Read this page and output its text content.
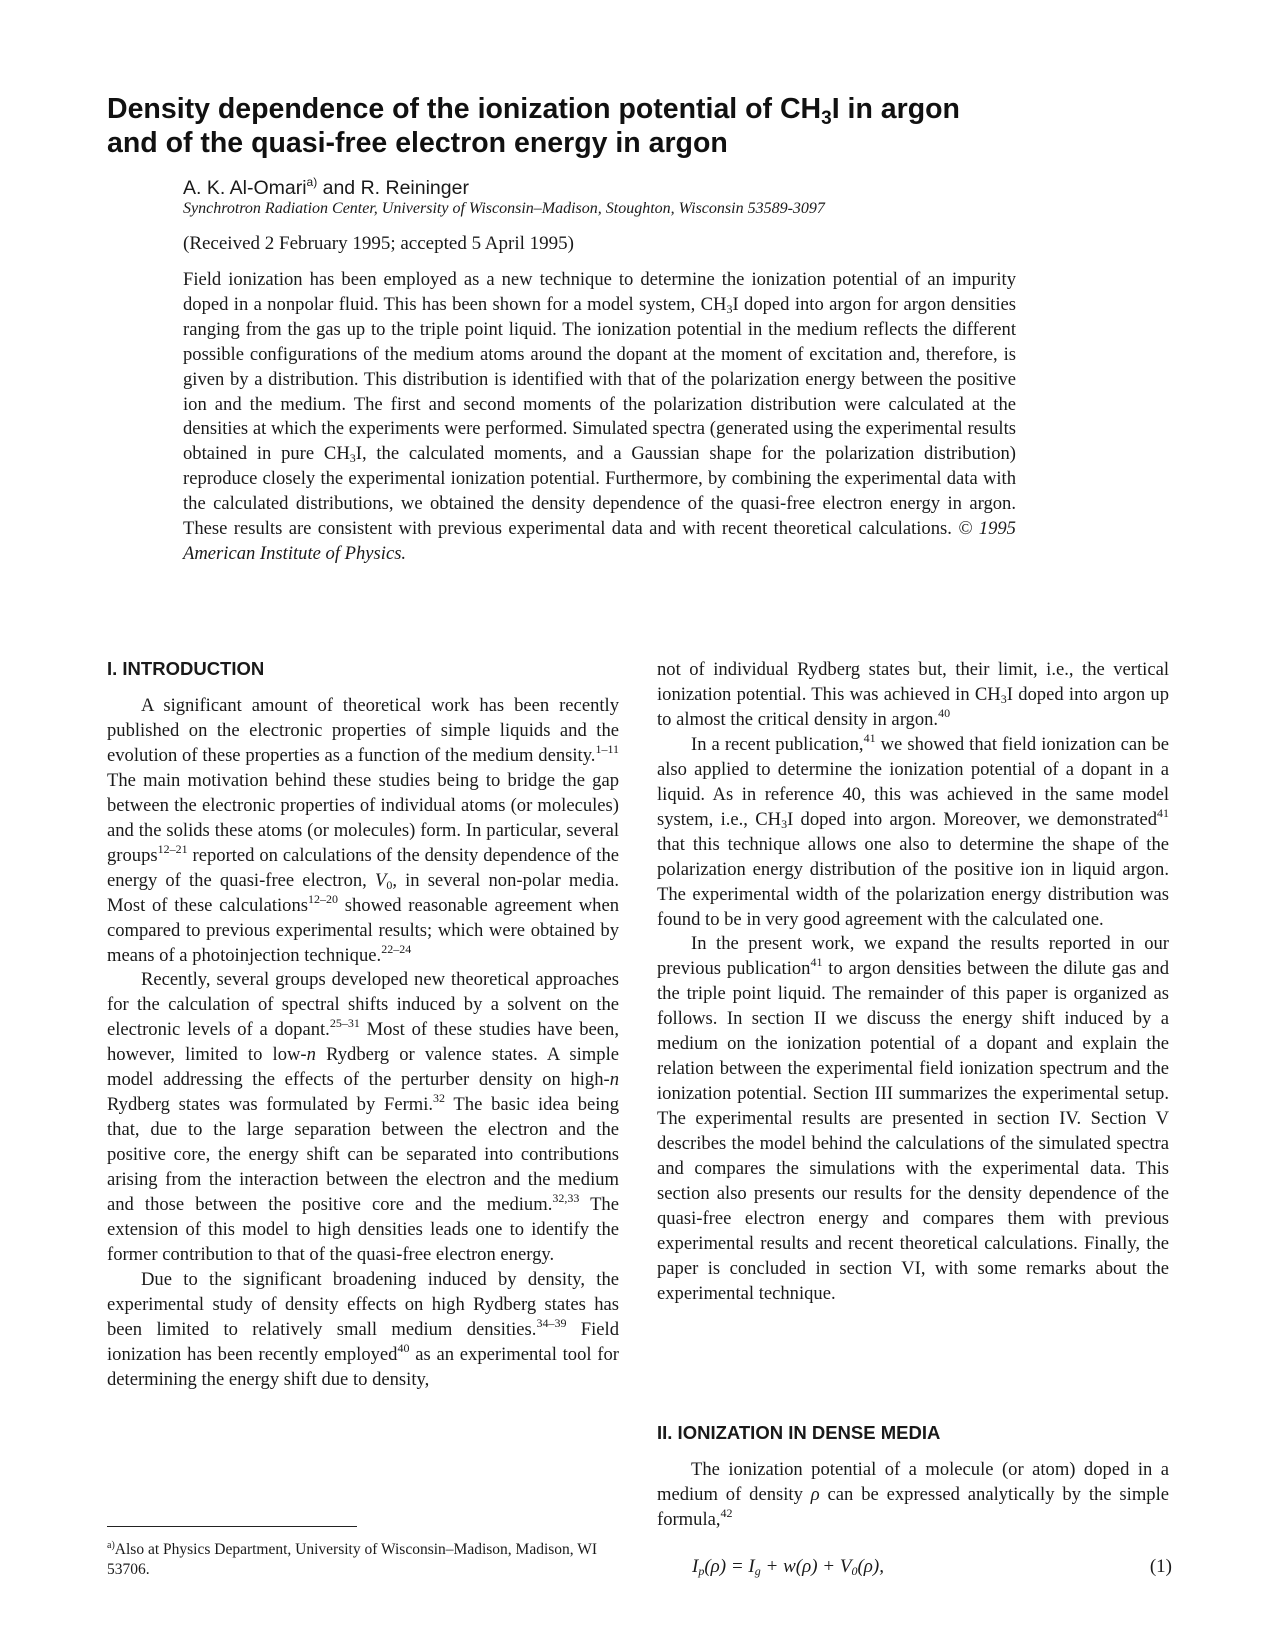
Density dependence of the ionization potential of $CH_3I$ in argon
and of the quasi-free electron energy in argon
A. K. Al-Omari$^{a)}$ and R. Reininger
Synchrotron Radiation Center, University of Wisconsin–Madison, Stoughton, Wisconsin 53589-3097
(Received 2 February 1995; accepted 5 April 1995)

Field ionization has been employed as a new technique to determine the ionization potential of an impurity doped in a nonpolar fluid. This has been shown for a model system, $CH_3I$ doped into argon for argon densities ranging from the gas up to the triple point liquid. The ionization potential in the medium reflects the different possible configurations of the medium atoms around the dopant at the moment of excitation and, therefore, is given by a distribution. This distribution is identified with that of the polarization energy between the positive ion and the medium. The first and second moments of the polarization distribution were calculated at the densities at which the experiments were performed. Simulated spectra (generated using the experimental results obtained in pure $CH_3I$, the calculated moments, and a Gaussian shape for the polarization distribution) reproduce closely the experimental ionization potential. Furthermore, by combining the experimental data with the calculated distributions, we obtained the density dependence of the quasi-free electron energy in argon. These results are consistent with previous experimental data and with recent theoretical calculations. © 1995 American Institute of Physics.

I. INTRODUCTION

A significant amount of theoretical work has been recently published on the electronic properties of simple liquids and the evolution of these properties as a function of the medium density.$^{1-11}$ The main motivation behind these studies being to bridge the gap between the electronic properties of individual atoms (or molecules) and the solids these atoms (or molecules) form. In particular, several groups$^{12-21}$ reported on calculations of the density dependence of the energy of the quasi-free electron, $V_0$, in several non-polar media. Most of these calculations$^{12-20}$ showed reasonable agreement when compared to previous experimental results; which were obtained by means of a photoinjection technique.$^{22-24}$

Recently, several groups developed new theoretical approaches for the calculation of spectral shifts induced by a solvent on the electronic levels of a dopant.$^{25-31}$ Most of these studies have been, however, limited to low-n Rydberg or valence states. A simple model addressing the effects of the perturber density on high-n Rydberg states was formulated by Fermi.$^{32}$ The basic idea being that, due to the large separation between the electron and the positive core, the energy shift can be separated into contributions arising from the interaction between the electron and the medium and those between the positive core and the medium.$^{32,33}$ The extension of this model to high densities leads one to identify the former contribution to that of the quasi-free electron energy.

Due to the significant broadening induced by density, the experimental study of density effects on high Rydberg states has been limited to relatively small medium densities.$^{34-39}$ Field ionization has been recently employed$^{40}$ as an experimental tool for determining the energy shift due to density,

not of individual Rydberg states but, their limit, i.e., the vertical ionization potential. This was achieved in $CH_3I$ doped into argon up to almost the critical density in argon.$^{40}$

In a recent publication,$^{41}$ we showed that field ionization can be also applied to determine the ionization potential of a dopant in a liquid. As in reference 40, this was achieved in the same model system, i.e., $CH_3I$ doped into argon. Moreover, we demonstrated$^{41}$ that this technique allows one also to determine the shape of the polarization energy distribution of the positive ion in liquid argon. The experimental width of the polarization energy distribution was found to be in very good agreement with the calculated one.

In the present work, we expand the results reported in our previous publication$^{41}$ to argon densities between the dilute gas and the triple point liquid. The remainder of this paper is organized as follows. In section II we discuss the energy shift induced by a medium on the ionization potential of a dopant and explain the relation between the experimental field ionization spectrum and the ionization potential. Section III summarizes the experimental setup. The experimental results are presented in section IV. Section V describes the model behind the calculations of the simulated spectra and compares the simulations with the experimental data. This section also presents our results for the density dependence of the quasi-free electron energy and compares them with previous experimental results and recent theoretical calculations. Finally, the paper is concluded in section VI, with some remarks about the experimental technique.

II. IONIZATION IN DENSE MEDIA

The ionization potential of a molecule (or atom) doped in a medium of density ρ can be expressed analytically by the simple formula,$^{42}$

$I_p(\rho) = I_g + w(\rho) + V_0(\rho)$,	(1)
$^{a)}$Also at Physics Department, University of Wisconsin–Madison, Madison, WI 53706.
